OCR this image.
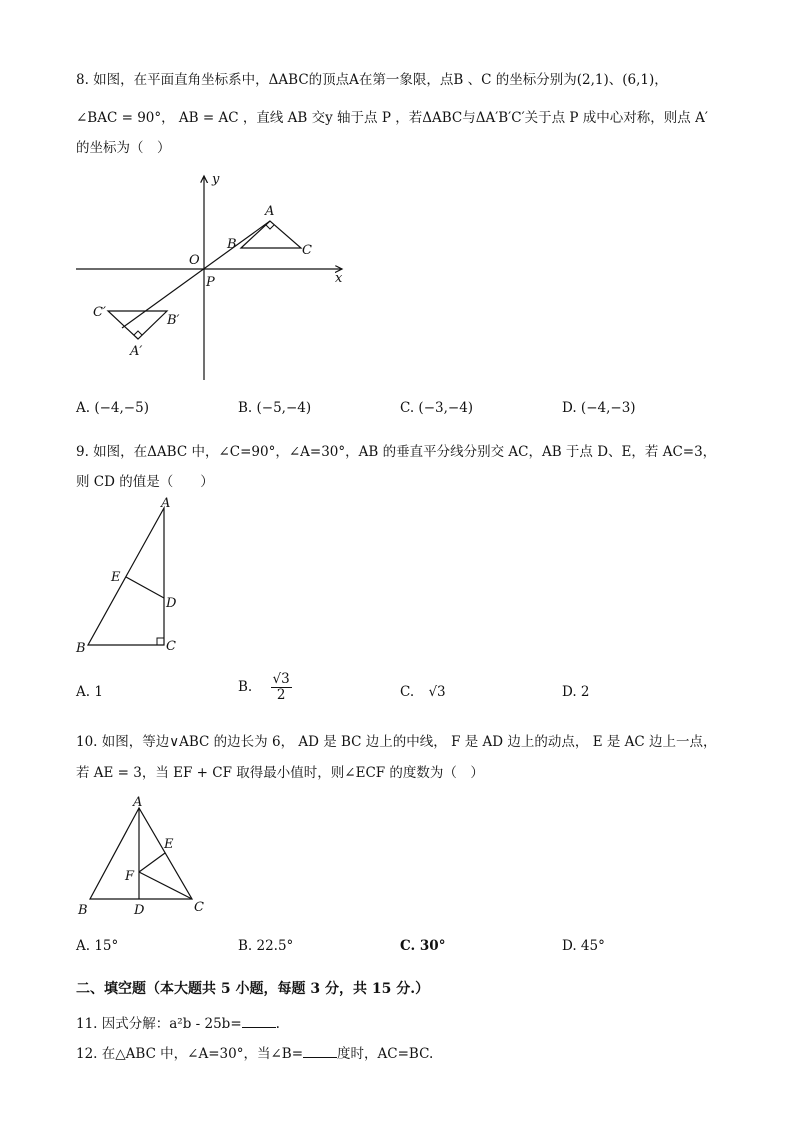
8. 如图，在平面直角坐标系中，ΔABC的顶点A在第一象限，点B 、C 的坐标分别为(2,1)、(6,1)，
∠BAC = 90°， AB = AC ，直线 AB 交y 轴于点 P ，若ΔABC与ΔA′B′C′关于点 P 成中心对称，则点 A′
的坐标为（　）
y
x
O
P
A
B	C
C′
B′
A′
A. (−4,−5)	B. (−5,−4)	C. (−3,−4)	D. (−4,−3)
9. 如图，在ΔABC 中，∠C=90°，∠A=30°，AB 的垂直平分线分别交 AC，AB 于点 D、E，若 AC=3，
则 CD 的值是（　　）
A
E
D
B	C
A. 1	B. $\frac{√3}{2}$	C. √3	D. 2
10. 如图，等边∨ABC 的边长为 6， AD 是 BC 边上的中线， F 是 AD 边上的动点， E 是 AC 边上一点，
若 AE = 3，当 EF + CF 取得最小值时，则∠ECF 的度数为（　）
A
E
F
B	D	C
A. 15°	B. 22.5°	C. 30°	D. 45°
二、填空题（本大题共 5 小题，每题 3 分，共 15 分.）
11. 因式分解：a²b - 25b=	.
12. 在△ABC 中，∠A=30°，当∠B=	度时，AC=BC.
